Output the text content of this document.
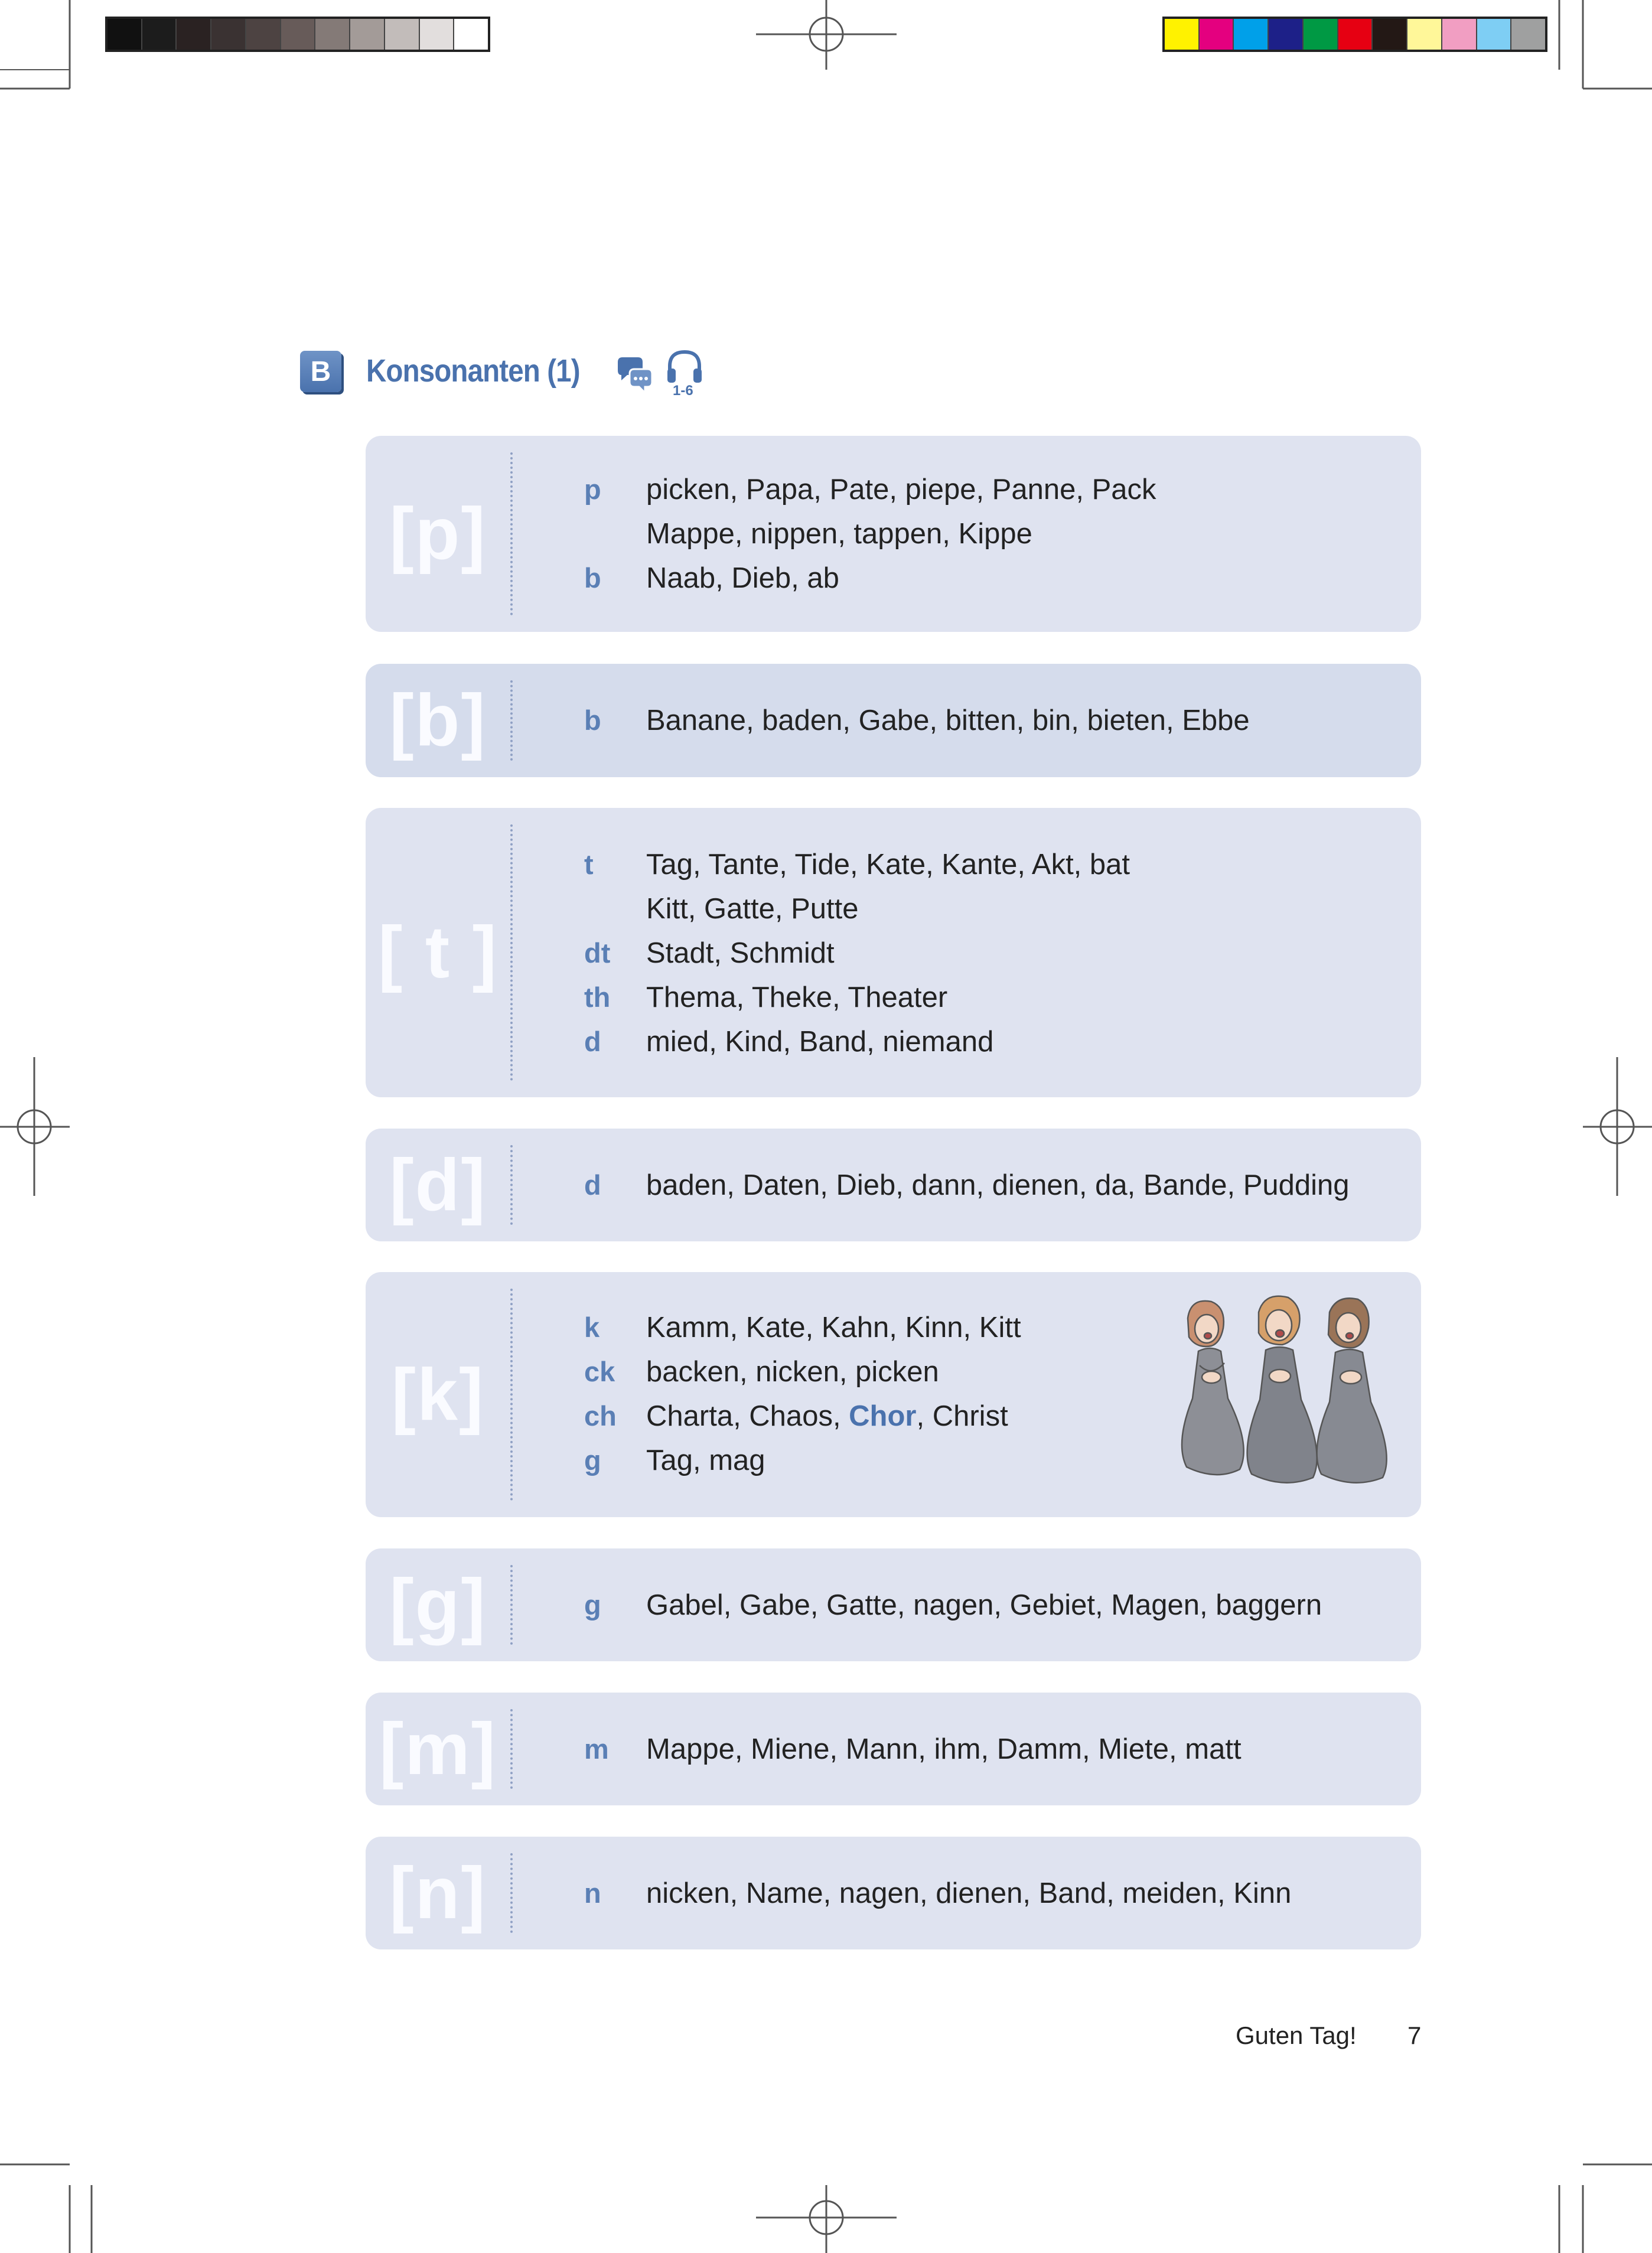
B	Konsonanten (1)
1-6
[p]
p	picken, Papa, Pate, piepe, Panne, Pack
Mappe, nippen, tappen, Kippe
b	Naab, Dieb, ab
[b]	b	Banane, baden, Gabe, bitten, bin, bieten, Ebbe
[ t ]
t	Tag, Tante, Tide, Kate, Kante, Akt, bat
Kitt, Gatte, Putte
dt	Stadt, Schmidt
th	Thema, Theke, Theater
d	mied, Kind, Band, niemand
[d]	d	baden, Daten, Dieb, dann, dienen, da, Bande, Pudding
[k]
k	Kamm, Kate, Kahn, Kinn, Kitt
ck	backen, nicken, picken
ch	Charta, Chaos, Chor, Christ
g	Tag, mag
[g]	g	Gabel, Gabe, Gatte, nagen, Gebiet, Magen, baggern
[m]	m	Mappe, Miene, Mann, ihm, Damm, Miete, matt
[n]	n	nicken, Name, nagen, dienen, Band, meiden, Kinn
Guten Tag! 7
